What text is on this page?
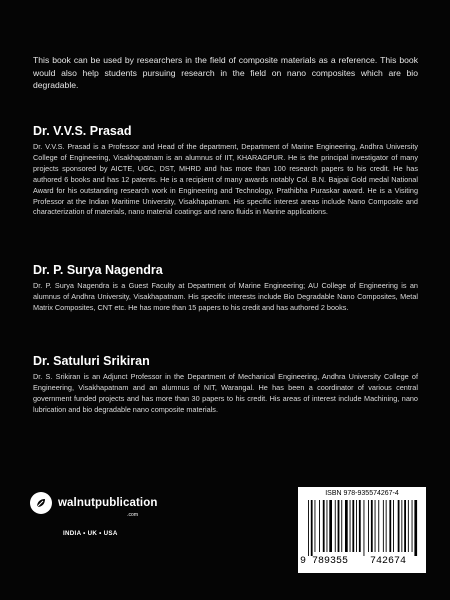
This book can be used by researchers in the field of composite materials as a reference. This book would also help students pursuing research in the field on nano composites which are bio degradable.
Dr. V.V.S. Prasad

Dr. V.V.S. Prasad is a Professor and Head of the department, Department of Marine Engineering, Andhra University College of Engineering, Visakhapatnam is an alumnus of IIT, KHARAGPUR. He is the principal investigator of many projects sponsored by AICTE, UGC, DST, MHRD and has more than 100 research papers to his credit. He has authored 6 books and has 12 patents. He is a recipient of many awards notably Col. B.N. Bajpai Gold medal National Award for his outstanding research work in Engineering and Technology, Prathibha Puraskar award. He is a Visiting Professor at the Indian Maritime University, Visakhapatnam. His specific interest areas include Nano Composite and characterization of materials, nano material coatings and nano fluids in Marine applications.

Dr. P. Surya Nagendra

Dr. P. Surya Nagendra is a Guest Faculty at Department of Marine Engineering; AU College of Engineering is an alumnus of Andhra University, Visakhapatnam. His specific interests include Bio Degradable Nano Composites, Metal Matrix Composites, CNT etc. He has more than 15 papers to his credit and has authored 2 books.

Dr. Satuluri Srikiran

Dr. S. Srikiran is an Adjunct Professor in the Department of Mechanical Engineering, Andhra University College of Engineering, Visakhapatnam and an alumnus of NIT, Warangal. He has been a coordinator of various central government funded projects and has more than 30 papers to his credit. His areas of interest include Machining, nano lubrication and bio degradable nano composite materials.

walnutpublication
.com
INDIA • UK • USA
ISBN 978-935574267-4
9 789355 742674
